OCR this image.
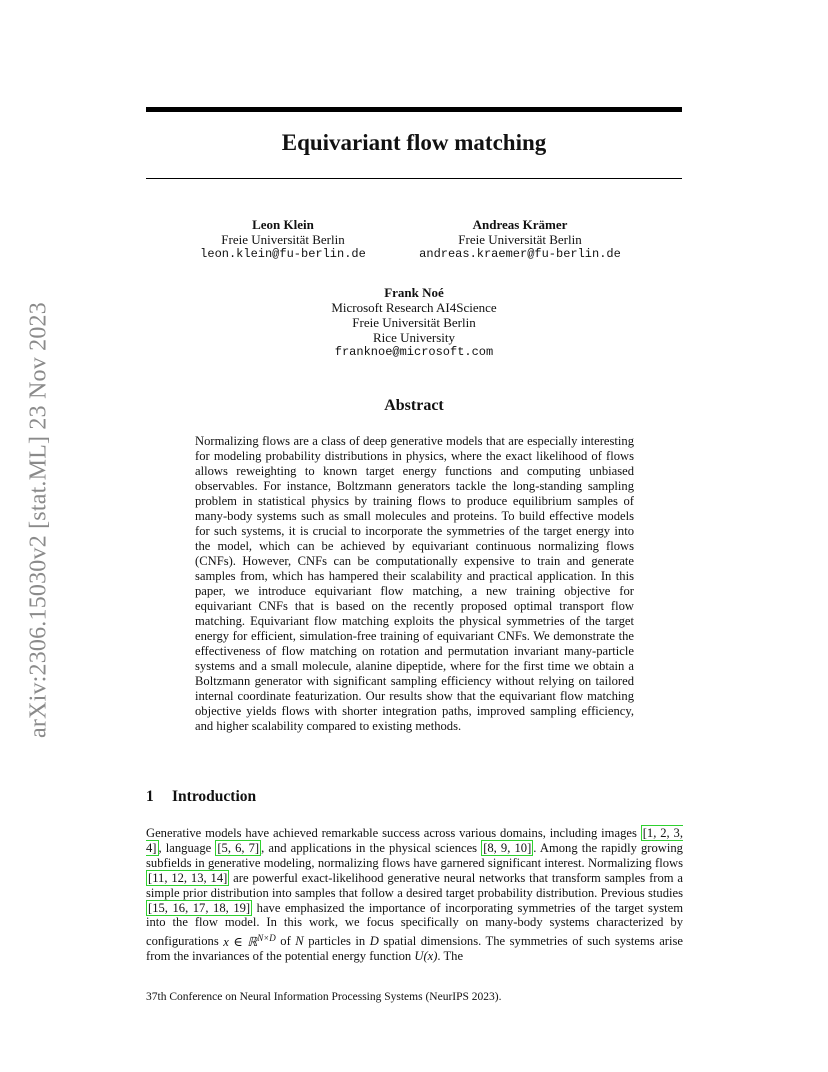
arXiv:2306.15030v2 [stat.ML] 23 Nov 2023
Equivariant flow matching
Leon Klein
Freie Universität Berlin
leon.klein@fu-berlin.de
Andreas Krämer
Freie Universität Berlin
andreas.kraemer@fu-berlin.de
Frank Noé
Microsoft Research AI4Science
Freie Universität Berlin
Rice University
franknoe@microsoft.com
Abstract
Normalizing flows are a class of deep generative models that are especially interesting for modeling probability distributions in physics, where the exact likelihood of flows allows reweighting to known target energy functions and computing unbiased observables. For instance, Boltzmann generators tackle the long-standing sampling problem in statistical physics by training flows to produce equilibrium samples of many-body systems such as small molecules and proteins. To build effective models for such systems, it is crucial to incorporate the symmetries of the target energy into the model, which can be achieved by equivariant continuous normalizing flows (CNFs). However, CNFs can be computationally expensive to train and generate samples from, which has hampered their scalability and practical application. In this paper, we introduce equivariant flow matching, a new training objective for equivariant CNFs that is based on the recently proposed optimal transport flow matching. Equivariant flow matching exploits the physical symmetries of the target energy for efficient, simulation-free training of equivariant CNFs. We demonstrate the effectiveness of flow matching on rotation and permutation invariant many-particle systems and a small molecule, alanine dipeptide, where for the first time we obtain a Boltzmann generator with significant sampling efficiency without relying on tailored internal coordinate featurization. Our results show that the equivariant flow matching objective yields flows with shorter integration paths, improved sampling efficiency, and higher scalability compared to existing methods.
1 Introduction
Generative models have achieved remarkable success across various domains, including images [1, 2, 3, 4] , language [5, 6, 7] , and applications in the physical sciences [8, 9, 10] . Among the rapidly growing subfields in generative modeling, normalizing flows have garnered significant interest. Normalizing flows [11, 12, 13, 14] are powerful exact-likelihood generative neural networks that transform samples from a simple prior distribution into samples that follow a desired target probability distribution. Previous studies [15, 16, 17, 18, 19] have emphasized the importance of incorporating symmetries of the target system into the flow model. In this work, we focus specifically on many-body systems characterized by configurations x ∈ ℝ$^{N\times D}$ of N particles in D spatial dimensions. The symmetries of such systems arise from the invariances of the potential energy function U(x). The
37th Conference on Neural Information Processing Systems (NeurIPS 2023).
